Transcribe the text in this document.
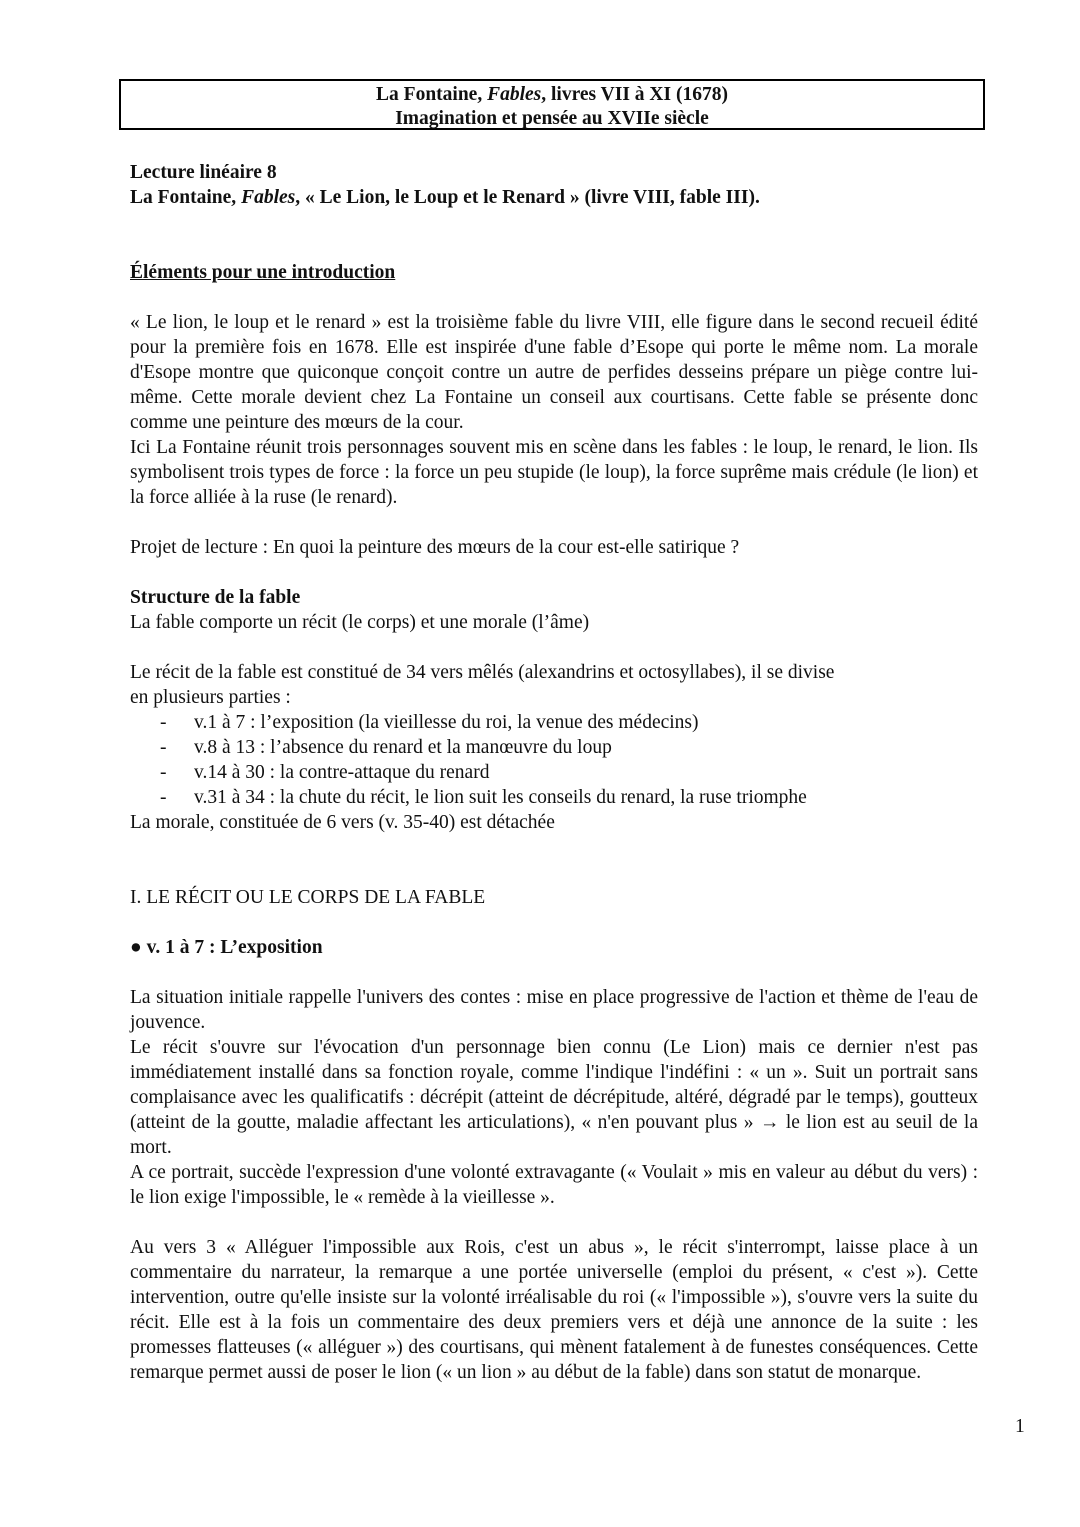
La Fontaine, Fables, livres VII à XI (1678)
Imagination et pensée au XVIIe siècle

Lecture linéaire 8

La Fontaine, Fables, « Le Lion, le Loup et le Renard » (livre VIII, fable III).

Éléments pour une introduction

« Le lion, le loup et le renard » est la troisième fable du livre VIII, elle figure dans le second recueil édité pour la première fois en 1678. Elle est inspirée d'une fable d’Esope qui porte le même nom. La morale d'Esope montre que quiconque conçoit contre un autre de perfides desseins prépare un piège contre lui-même. Cette morale devient chez La Fontaine un conseil aux courtisans. Cette fable se présente donc comme une peinture des mœurs de la cour.

Ici La Fontaine réunit trois personnages souvent mis en scène dans les fables : le loup, le renard, le lion. Ils symbolisent trois types de force : la force un peu stupide (le loup), la force suprême mais crédule (le lion) et la force alliée à la ruse (le renard).

Projet de lecture : En quoi la peinture des mœurs de la cour est-elle satirique ?

Structure de la fable

La fable comporte un récit (le corps) et une morale (l’âme)

Le récit de la fable est constitué de 34 vers mêlés (alexandrins et octosyllabes), il se divise

en plusieurs parties :

- v.1 à 7 : l’exposition (la vieillesse du roi, la venue des médecins)
- v.8 à 13 : l’absence du renard et la manœuvre du loup
- v.14 à 30 : la contre-attaque du renard
- v.31 à 34 : la chute du récit, le lion suit les conseils du renard, la ruse triomphe

La morale, constituée de 6 vers (v. 35-40) est détachée

I. LE RÉCIT OU LE CORPS DE LA FABLE

● v. 1 à 7 : L’exposition

La situation initiale rappelle l'univers des contes : mise en place progressive de l'action et thème de l'eau de jouvence.

Le récit s'ouvre sur l'évocation d'un personnage bien connu (Le Lion) mais ce dernier n'est pas immédiatement installé dans sa fonction royale, comme l'indique l'indéfini : « un ». Suit un portrait sans complaisance avec les qualificatifs : décrépit (atteint de décrépitude, altéré, dégradé par le temps), goutteux (atteint de la goutte, maladie affectant les articulations), « n'en pouvant plus » → le lion est au seuil de la mort.

A ce portrait, succède l'expression d'une volonté extravagante (« Voulait » mis en valeur au début du vers) : le lion exige l'impossible, le « remède à la vieillesse ».

Au vers 3 « Alléguer l'impossible aux Rois, c'est un abus », le récit s'interrompt, laisse place à un commentaire du narrateur, la remarque a une portée universelle (emploi du présent, « c'est »). Cette intervention, outre qu'elle insiste sur la volonté irréalisable du roi (« l'impossible »), s'ouvre vers la suite du récit. Elle est à la fois un commentaire des deux premiers vers et déjà une annonce de la suite : les promesses flatteuses (« alléguer ») des courtisans, qui mènent fatalement à de funestes conséquences. Cette remarque permet aussi de poser le lion (« un lion » au début de la fable) dans son statut de monarque.

1
